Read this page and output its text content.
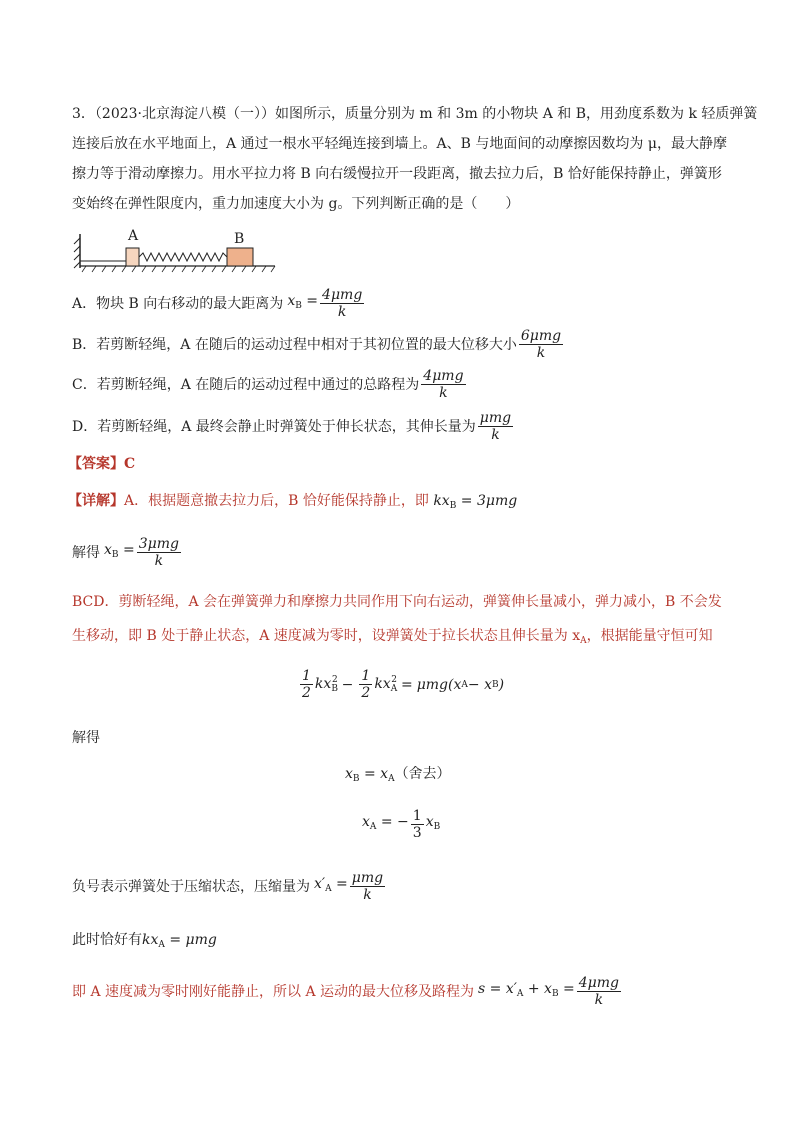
3．（2023·北京海淀八模（一））如图所示，质量分别为 m 和 3m 的小物块 A 和 B，用劲度系数为 k 轻质弹簧
连接后放在水平地面上，A 通过一根水平轻绳连接到墙上。A、B 与地面间的动摩擦因数均为 μ，最大静摩
擦力等于滑动摩擦力。用水平拉力将 B 向右缓慢拉开一段距离，撤去拉力后，B 恰好能保持静止，弹簧形
变始终在弹性限度内，重力加速度大小为 g。下列判断正确的是（　　）
A	B
A．物块 B 向右移动的最大距离为 $x_B = \frac{\text{4μmg}}{k}$
B．若剪断轻绳，A 在随后的运动过程中相对于其初位置的最大位移大小 $\frac{\text{6μmg}}{k}$
C．若剪断轻绳，A 在随后的运动过程中通过的总路程为 $\frac{\text{4μmg}}{k}$
D．若剪断轻绳，A 最终会静止时弹簧处于伸长状态，其伸长量为 $\frac{\text{μmg}}{k}$
【答案】C
【详解】A．根据题意撤去拉力后，B 恰好能保持静止，即 $kx_B = 3\mu mg$
解得 $x_B = \frac{\text{3μmg}}{k}$
BCD．剪断轻绳，A 会在弹簧弹力和摩擦力共同作用下向右运动，弹簧伸长量减小，弹力减小，B 不会发
生移动，即 B 处于静止状态，A 速度减为零时，设弹簧处于拉长状态且伸长量为 $x_A$，根据能量守恒可知
$\frac{1}{2} kx_B^2 - \frac{1}{2} kx_A^2 = \mu mg(x$ A − x B )
解得
$x_B = x_A$（舍去）
$x_A$ = − $\frac{1}{3} x_B$
负号表示弹簧处于压缩状态，压缩量为 $x'_A = \frac{\text{μmg}}{k}$
此时恰好有$kx_A = \mu mg$
即 A 速度减为零时刚好能静止，所以 A 运动的最大位移及路程为 $s = x'_A + x_B = \frac{\text{4μmg}}{k}$
